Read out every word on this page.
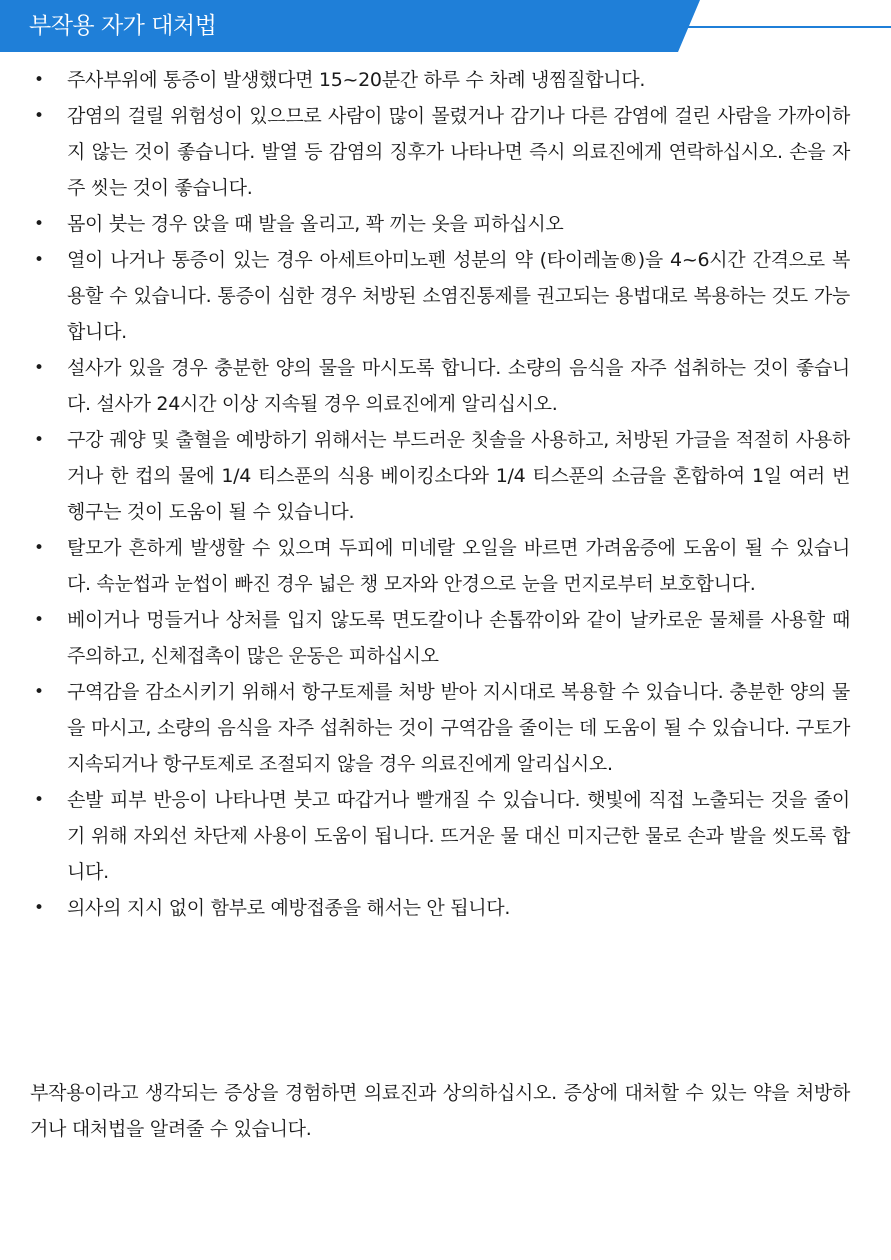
부작용 자가 대처법
• 주사부위에 통증이 발생했다면 15~20분간 하루 수 차례 냉찜질합니다.
• 감염의 걸릴 위험성이 있으므로 사람이 많이 몰렸거나 감기나 다른 감염에 걸린 사람을 가까이하지 않는 것이 좋습니다. 발열 등 감염의 징후가 나타나면 즉시 의료진에게 연락하십시오. 손을 자주 씻는 것이 좋습니다.
• 몸이 붓는 경우 앉을 때 발을 올리고, 꽉 끼는 옷을 피하십시오
• 열이 나거나 통증이 있는 경우 아세트아미노펜 성분의 약 (타이레놀®)을 4~6시간 간격으로 복용할 수 있습니다. 통증이 심한 경우 처방된 소염진통제를 권고되는 용법대로 복용하는 것도 가능합니다.
• 설사가 있을 경우 충분한 양의 물을 마시도록 합니다. 소량의 음식을 자주 섭취하는 것이 좋습니다. 설사가 24시간 이상 지속될 경우 의료진에게 알리십시오.
• 구강 궤양 및 출혈을 예방하기 위해서는 부드러운 칫솔을 사용하고, 처방된 가글을 적절히 사용하거나 한 컵의 물에 1/4 티스푼의 식용 베이킹소다와 1/4 티스푼의 소금을 혼합하여 1일 여러 번 헹구는 것이 도움이 될 수 있습니다.
• 탈모가 흔하게 발생할 수 있으며 두피에 미네랄 오일을 바르면 가려움증에 도움이 될 수 있습니다. 속눈썹과 눈썹이 빠진 경우 넓은 챙 모자와 안경으로 눈을 먼지로부터 보호합니다.
• 베이거나 멍들거나 상처를 입지 않도록 면도칼이나 손톱깎이와 같이 날카로운 물체를 사용할 때 주의하고, 신체접촉이 많은 운동은 피하십시오
• 구역감을 감소시키기 위해서 항구토제를 처방 받아 지시대로 복용할 수 있습니다. 충분한 양의 물을 마시고, 소량의 음식을 자주 섭취하는 것이 구역감을 줄이는 데 도움이 될 수 있습니다. 구토가 지속되거나 항구토제로 조절되지 않을 경우 의료진에게 알리십시오.
• 손발 피부 반응이 나타나면 붓고 따갑거나 빨개질 수 있습니다. 햇빛에 직접 노출되는 것을 줄이기 위해 자외선 차단제 사용이 도움이 됩니다. 뜨거운 물 대신 미지근한 물로 손과 발을 씻도록 합니다.
• 의사의 지시 없이 함부로 예방접종을 해서는 안 됩니다.

부작용이라고 생각되는 증상을 경험하면 의료진과 상의하십시오. 증상에 대처할 수 있는 약을 처방하거나 대처법을 알려줄 수 있습니다.
